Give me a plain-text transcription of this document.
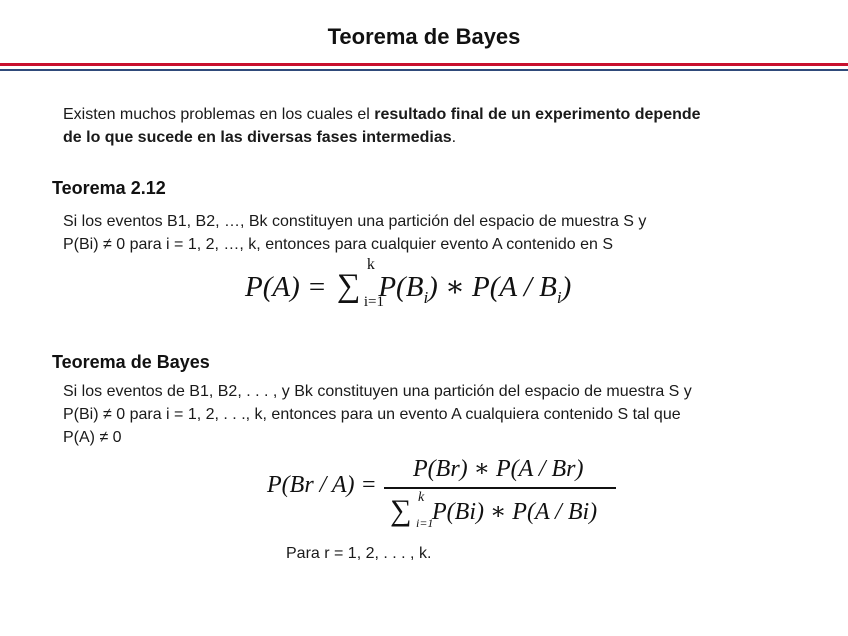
Teorema de Bayes
Existen muchos problemas en los cuales el resultado final de un experimento depende
de lo que sucede en las diversas fases intermedias.
Teorema 2.12
Si los eventos B1, B2, …, Bk constituyen una partición del espacio de muestra S y
P(Bi) ≠ 0 para i = 1, 2, …, k, entonces para cualquier evento A contenido en S
P(A) = ∑
k
i=1
$P(B_i)$ ∗ $P(A / B_i)$
Teorema de Bayes
Si los eventos de B1, B2, . . . , y Bk constituyen una partición del espacio de muestra S y
P(Bi) ≠ 0 para i = 1, 2, . . ., k, entonces para un evento A cualquiera contenido S tal que
P(A) ≠ 0
P(Br / A) =
P(Br) ∗ P(A / Br)
∑ k
i=1
P(Bi) ∗ P(A / Bi)
Para r = 1, 2, . . . , k.
